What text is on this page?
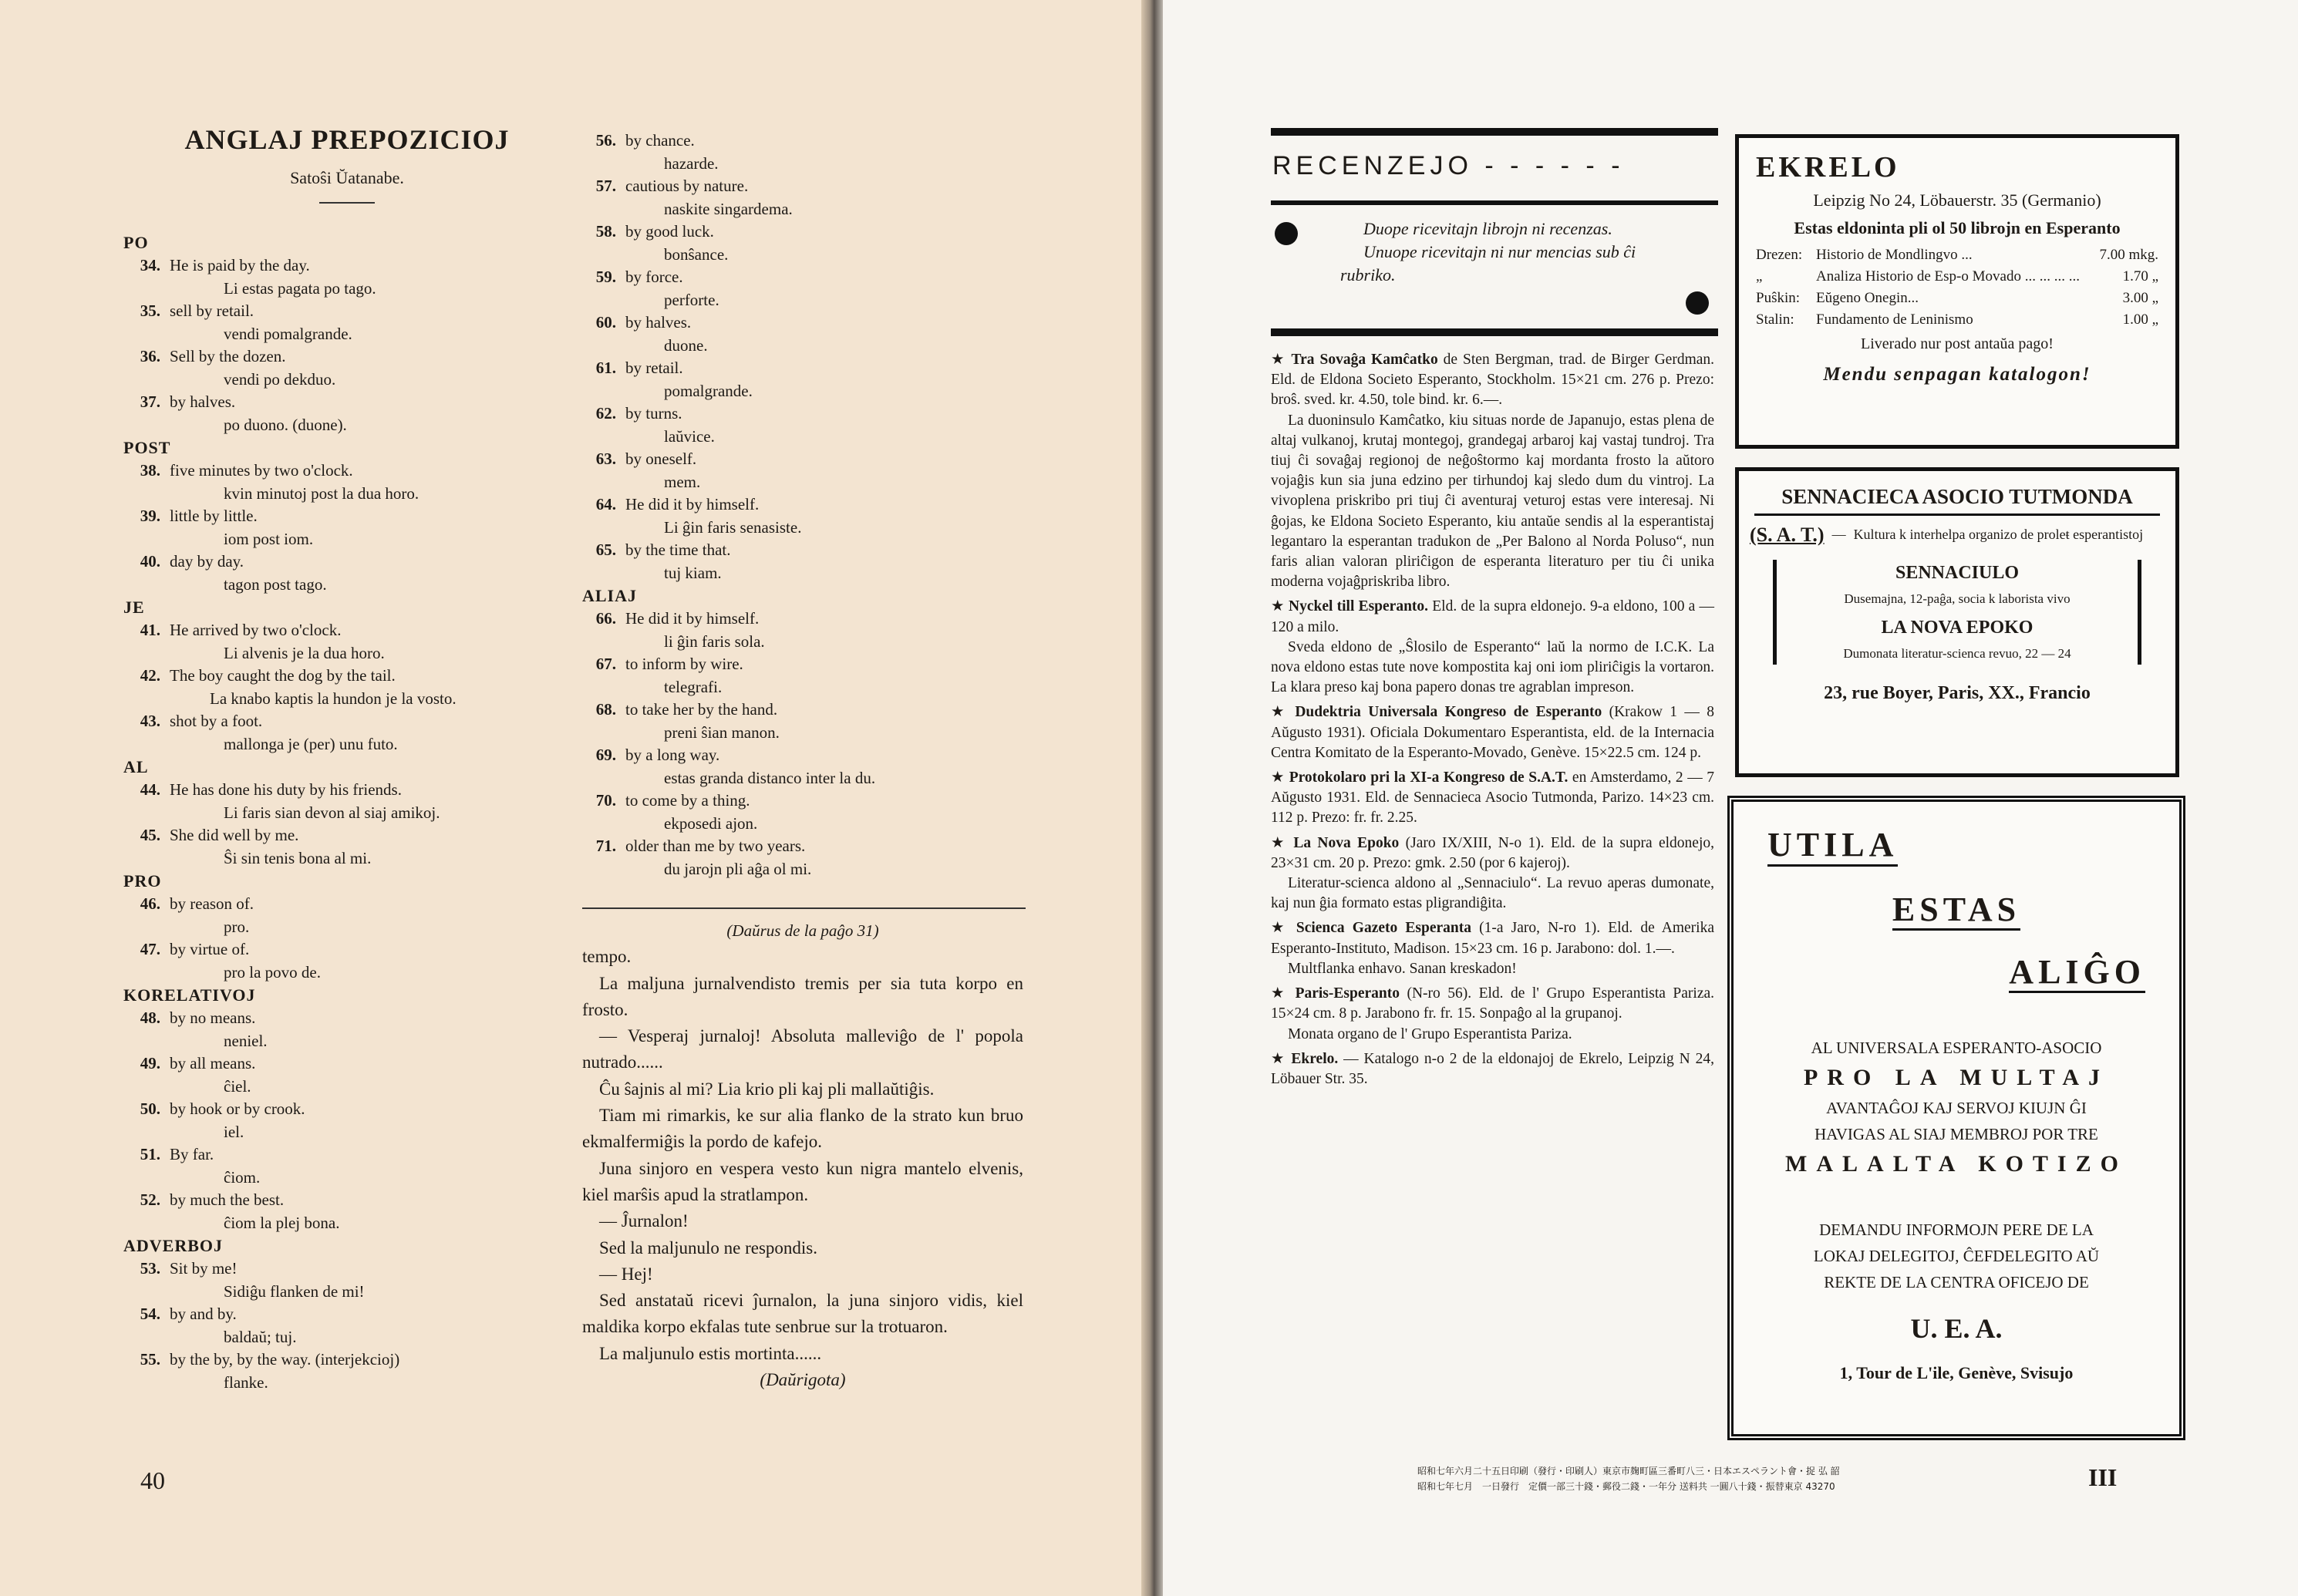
ANGLAJ PREPOZICIOJ
Satoŝi Ŭatanabe.
PO
34. He is paid by the day.
Li estas pagata po tago.
35. sell by retail.
vendi pomalgrande.
36. Sell by the dozen.
vendi po dekduo.
37. by halves.
po duono. (duone).
POST
38. five minutes by two o'clock.
kvin minutoj post la dua horo.
39. little by little.
iom post iom.
40. day by day.
tagon post tago.
JE
41. He arrived by two o'clock.
Li alvenis je la dua horo.
42. The boy caught the dog by the tail.
La knabo kaptis la hundon je la vosto.
43. shot by a foot.
mallonga je (per) unu futo.
AL
44. He has done his duty by his friends.
Li faris sian devon al siaj amikoj.
45. She did well by me.
Ŝi sin tenis bona al mi.
PRO
46. by reason of.
pro.
47. by virtue of.
pro la povo de.
KORELATIVOJ
48. by no means.
neniel.
49. by all means.
ĉiel.
50. by hook or by crook.
iel.
51. By far.
ĉiom.
52. by much the best.
ĉiom la plej bona.
ADVERBOJ
53. Sit by me!
Sidiĝu flanken de mi!
54. by and by.
baldaŭ; tuj.
55. by the by, by the way. (interjekcioj)
flanke.
56. by chance.
hazarde.
57. cautious by nature.
naskite singardema.
58. by good luck.
bonŝance.
59. by force.
perforte.
60. by halves.
duone.
61. by retail.
pomalgrande.
62. by turns.
laŭvice.
63. by oneself.
mem.
64. He did it by himself.
Li ĝin faris senasiste.
65. by the time that.
tuj kiam.
ALIAJ
66. He did it by himself.
li ĝin faris sola.
67. to inform by wire.
telegrafi.
68. to take her by the hand.
preni ŝian manon.
69. by a long way.
estas granda distanco inter la du.
70. to come by a thing.
ekposedi ajon.
71. older than me by two years.
du jarojn pli aĝa ol mi.
(Daŭrus de la paĝo 31)

tempo.

La maljuna jurnalvendisto tremis per sia tuta korpo en frosto.

— Vesperaj jurnaloj! Absoluta malleviĝo de l' popola nutrado......

Ĉu ŝajnis al mi? Lia krio pli kaj pli mallaŭtiĝis.

Tiam mi rimarkis, ke sur alia flanko de la strato kun bruo ekmalfermiĝis la pordo de kafejo.

Juna sinjoro en vespera vesto kun nigra mantelo elvenis, kiel marŝis apud la stratlampon.

— Ĵurnalon!

Sed la maljunulo ne respondis.

— Hej!

Sed anstataŭ ricevi ĵurnalon, la juna sinjoro vidis, kiel maldika korpo ekfalas tute senbrue sur la trotuaron.

La maljunulo estis mortinta......

(Daŭrigota)
40
RECENZEJO - - - - - -
Duope ricevitajn librojn ni recenzas.
Unuope ricevitajn ni nur mencias sub ĉi rubriko.

★ Tra Sovaĝa Kamĉatko de Sten Bergman, trad. de Birger Gerdman. Eld. de Eldona Societo Esperanto, Stockholm. 15×21 cm. 276 p. Prezo: broŝ. sved. kr. 4.50, tole bind. kr. 6.—.

La duoninsulo Kamĉatko, kiu situas norde de Japanujo, estas plena de altaj vulkanoj, krutaj montegoj, grandegaj arbaroj kaj vastaj tundroj. Tra tiuj ĉi sovaĝaj regionoj de neĝoŝtormo kaj mordanta frosto la aŭtoro vojaĝis kun sia juna edzino per tirhundoj kaj sledo dum du vintroj. La vivoplena priskribo pri tiuj ĉi aventuraj veturoj estas vere interesaj. Ni ĝojas, ke Eldona Societo Esperanto, kiu antaŭe sendis al la esperantistaj legantaro la esperantan tradukon de „Per Balono al Norda Poluso“, nun faris alian valoran pliriĉigon de esperanta literaturo per tiu ĉi unika moderna vojaĝpriskriba libro.

★ Nyckel till Esperanto. Eld. de la supra eldonejo. 9-a eldono, 100 a — 120 a milo.

Sveda eldono de „Ŝlosilo de Esperanto“ laŭ la normo de I.C.K. La nova eldono estas tute nove kompostita kaj oni iom pliriĉigis la vortaron. La klara preso kaj bona papero donas tre agrablan impreson.

★ Dudektria Universala Kongreso de Esperanto (Krakow 1 — 8 Aŭgusto 1931). Oficiala Dokumentaro Esperantista, eld. de la Internacia Centra Komitato de la Esperanto-Movado, Genève. 15×22.5 cm. 124 p.

★ Protokolaro pri la XI-a Kongreso de S.A.T. en Amsterdamo, 2 — 7 Aŭgusto 1931. Eld. de Sennacieca Asocio Tutmonda, Parizo. 14×23 cm. 112 p. Prezo: fr. fr. 2.25.

★ La Nova Epoko (Jaro IX/XIII, N-o 1). Eld. de la supra eldonejo, 23×31 cm. 20 p. Prezo: gmk. 2.50 (por 6 kajeroj).

Literatur-scienca aldono al „Sennaciulo“. La revuo aperas dumonate, kaj nun ĝia formato estas pligrandiĝita.

★ Scienca Gazeto Esperanta (1-a Jaro, N-ro 1). Eld. de Amerika Esperanto-Instituto, Madison. 15×23 cm. 16 p. Jarabono: dol. 1.—.

Multflanka enhavo. Sanan kreskadon!

★ Paris-Esperanto (N-ro 56). Eld. de l' Grupo Esperantista Pariza. 15×24 cm. 8 p. Jarabono fr. fr. 15. Sonpaĝo al la grupanoj.

Monata organo de l' Grupo Esperantista Pariza.

★ Ekrelo. — Katalogo n-o 2 de la eldonajoj de Ekrelo, Leipzig N 24, Löbauer Str. 35.

EKRELO
Leipzig No 24, Löbauerstr. 35 (Germanio)
Estas eldoninta pli ol 50 librojn en Esperanto
Drezen: Historio de Mondlingvo ...	7.00 mkg.
„	Analiza Historio de Esp-o Movado ... ... ... ...	1.70 „
Puŝkin:	Eŭgeno Onegin...	3.00 „
Stalin:	Fundamento de Leninismo	1.00 „
Liverado nur post antaŭa pago!
Mendu senpagan katalogon!
SENNACIECA ASOCIO TUTMONDA
(S. A. T.) — Kultura k interhelpa organizo de proleŧ esperantistoj
SENNACIULO
Dusemajna, 12-paĝa, socia k laborista vivo
LA NOVA EPOKO
Dumonata literatur-scienca revuo, 22 — 24
23, rue Boyer, Paris, XX., Francio
UTILA
ESTAS
ALIĜO
AL UNIVERSALA ESPERANTO-ASOCIO
PRO LA MULTAJ
AVANTAĜOJ KAJ SERVOJ KIUJN ĜI
HAVIGAS AL SIAJ MEMBROJ POR TRE
MALALTA KOTIZO
DEMANDU INFORMOJN PERE DE LA
LOKAJ DELEGITOJ, ĈEFDELEGITO AŬ
REKTE DE LA CENTRA OFICEJO DE
U. E. A.
1, Tour de L'ile, Genève, Svisujo
昭和七年六月二十五日印刷（發行・印刷人）東京市麹町區三番町八三・日本エスペラント會・捉 弘 韶
昭和七年七月　一日發行　定價一部三十錢・郵役二錢・一年分 送料共 一圓八十錢・振替東京 43270	III
